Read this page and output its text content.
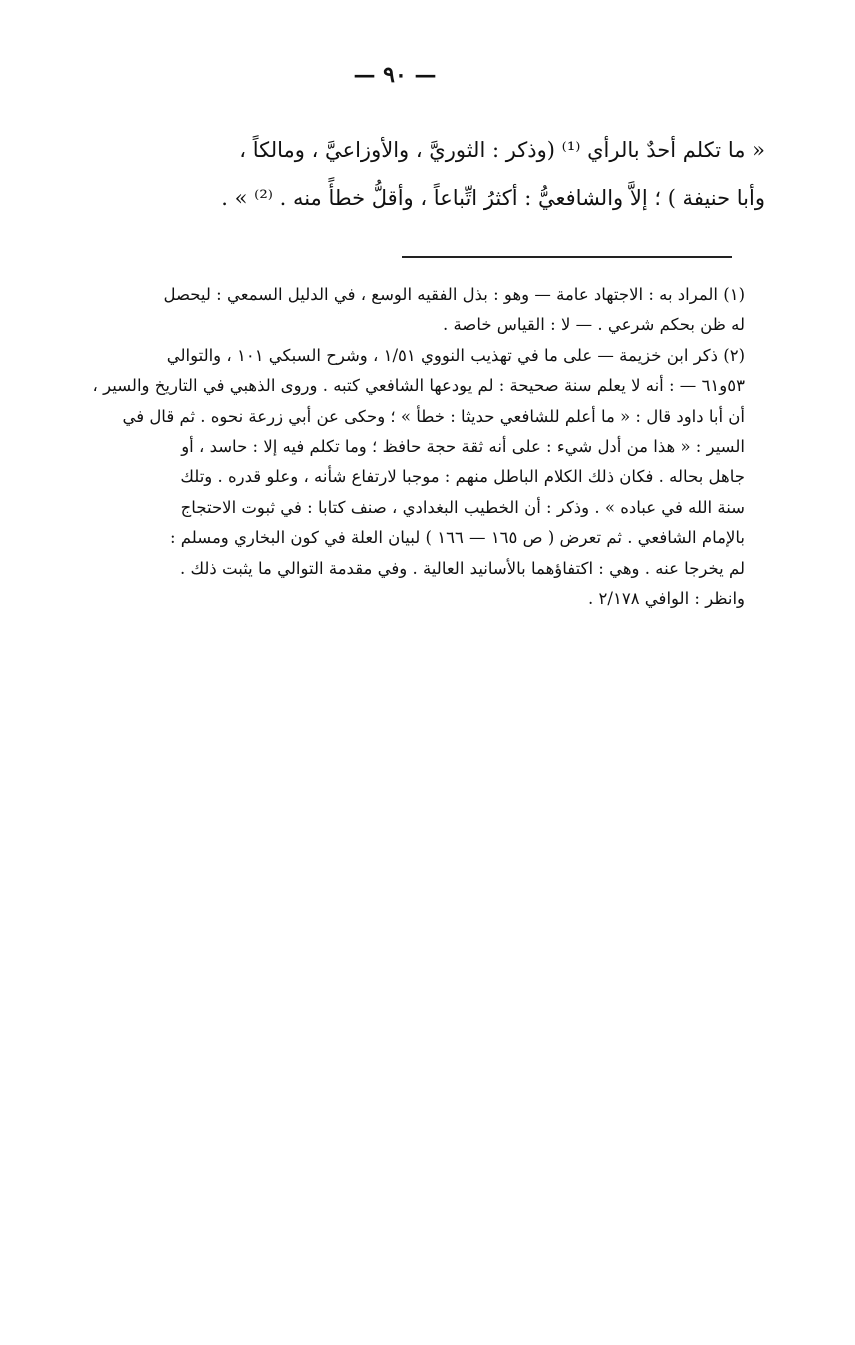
— ٩٠ —
« ما تكلم أحدٌ بالرأي ⁽¹⁾ (وذكر : الثوريَّ ، والأوزاعيَّ ، ومالكاً ،
وأبا حنيفة ) ؛ إلاَّ والشافعيُّ : أكثرُ اتِّباعاً ، وأقلُّ خطأً منه . ⁽²⁾ » .
(١) المراد به : الاجتهاد عامة — وهو : بذل الفقيه الوسع ، في الدليل السمعي : ليحصل
له ظن بحكم شرعي . — لا : القياس خاصة .
(٢) ذكر ابن خزيمة — على ما في تهذيب النووي ١/٥١ ، وشرح السبكي ١٠١ ، والتوالي
٥٣و٦١ — : أنه لا يعلم سنة صحيحة : لم يودعها الشافعي كتبه . وروى الذهبي في التاريخ والسير ،
أن أبا داود قال : « ما أعلم للشافعي حديثا : خطأ » ؛ وحكى عن أبي زرعة نحوه . ثم قال في
السير : « هذا من أدل شيء : على أنه ثقة حجة حافظ ؛ وما تكلم فيه إلا : حاسد ، أو
جاهل بحاله . فكان ذلك الكلام الباطل منهم : موجبا لارتفاع شأنه ، وعلو قدره . وتلك
سنة الله في عباده » . وذكر : أن الخطيب البغدادي ، صنف كتابا : في ثبوت الاحتجاج
بالإمام الشافعي . ثم تعرض ( ص ١٦٥ — ١٦٦ ) لبيان العلة في كون البخاري ومسلم :
لم يخرجا عنه . وهي : اكتفاؤهما بالأسانيد العالية . وفي مقدمة التوالي ما يثبت ذلك .
وانظر : الوافي ٢/١٧٨ .
